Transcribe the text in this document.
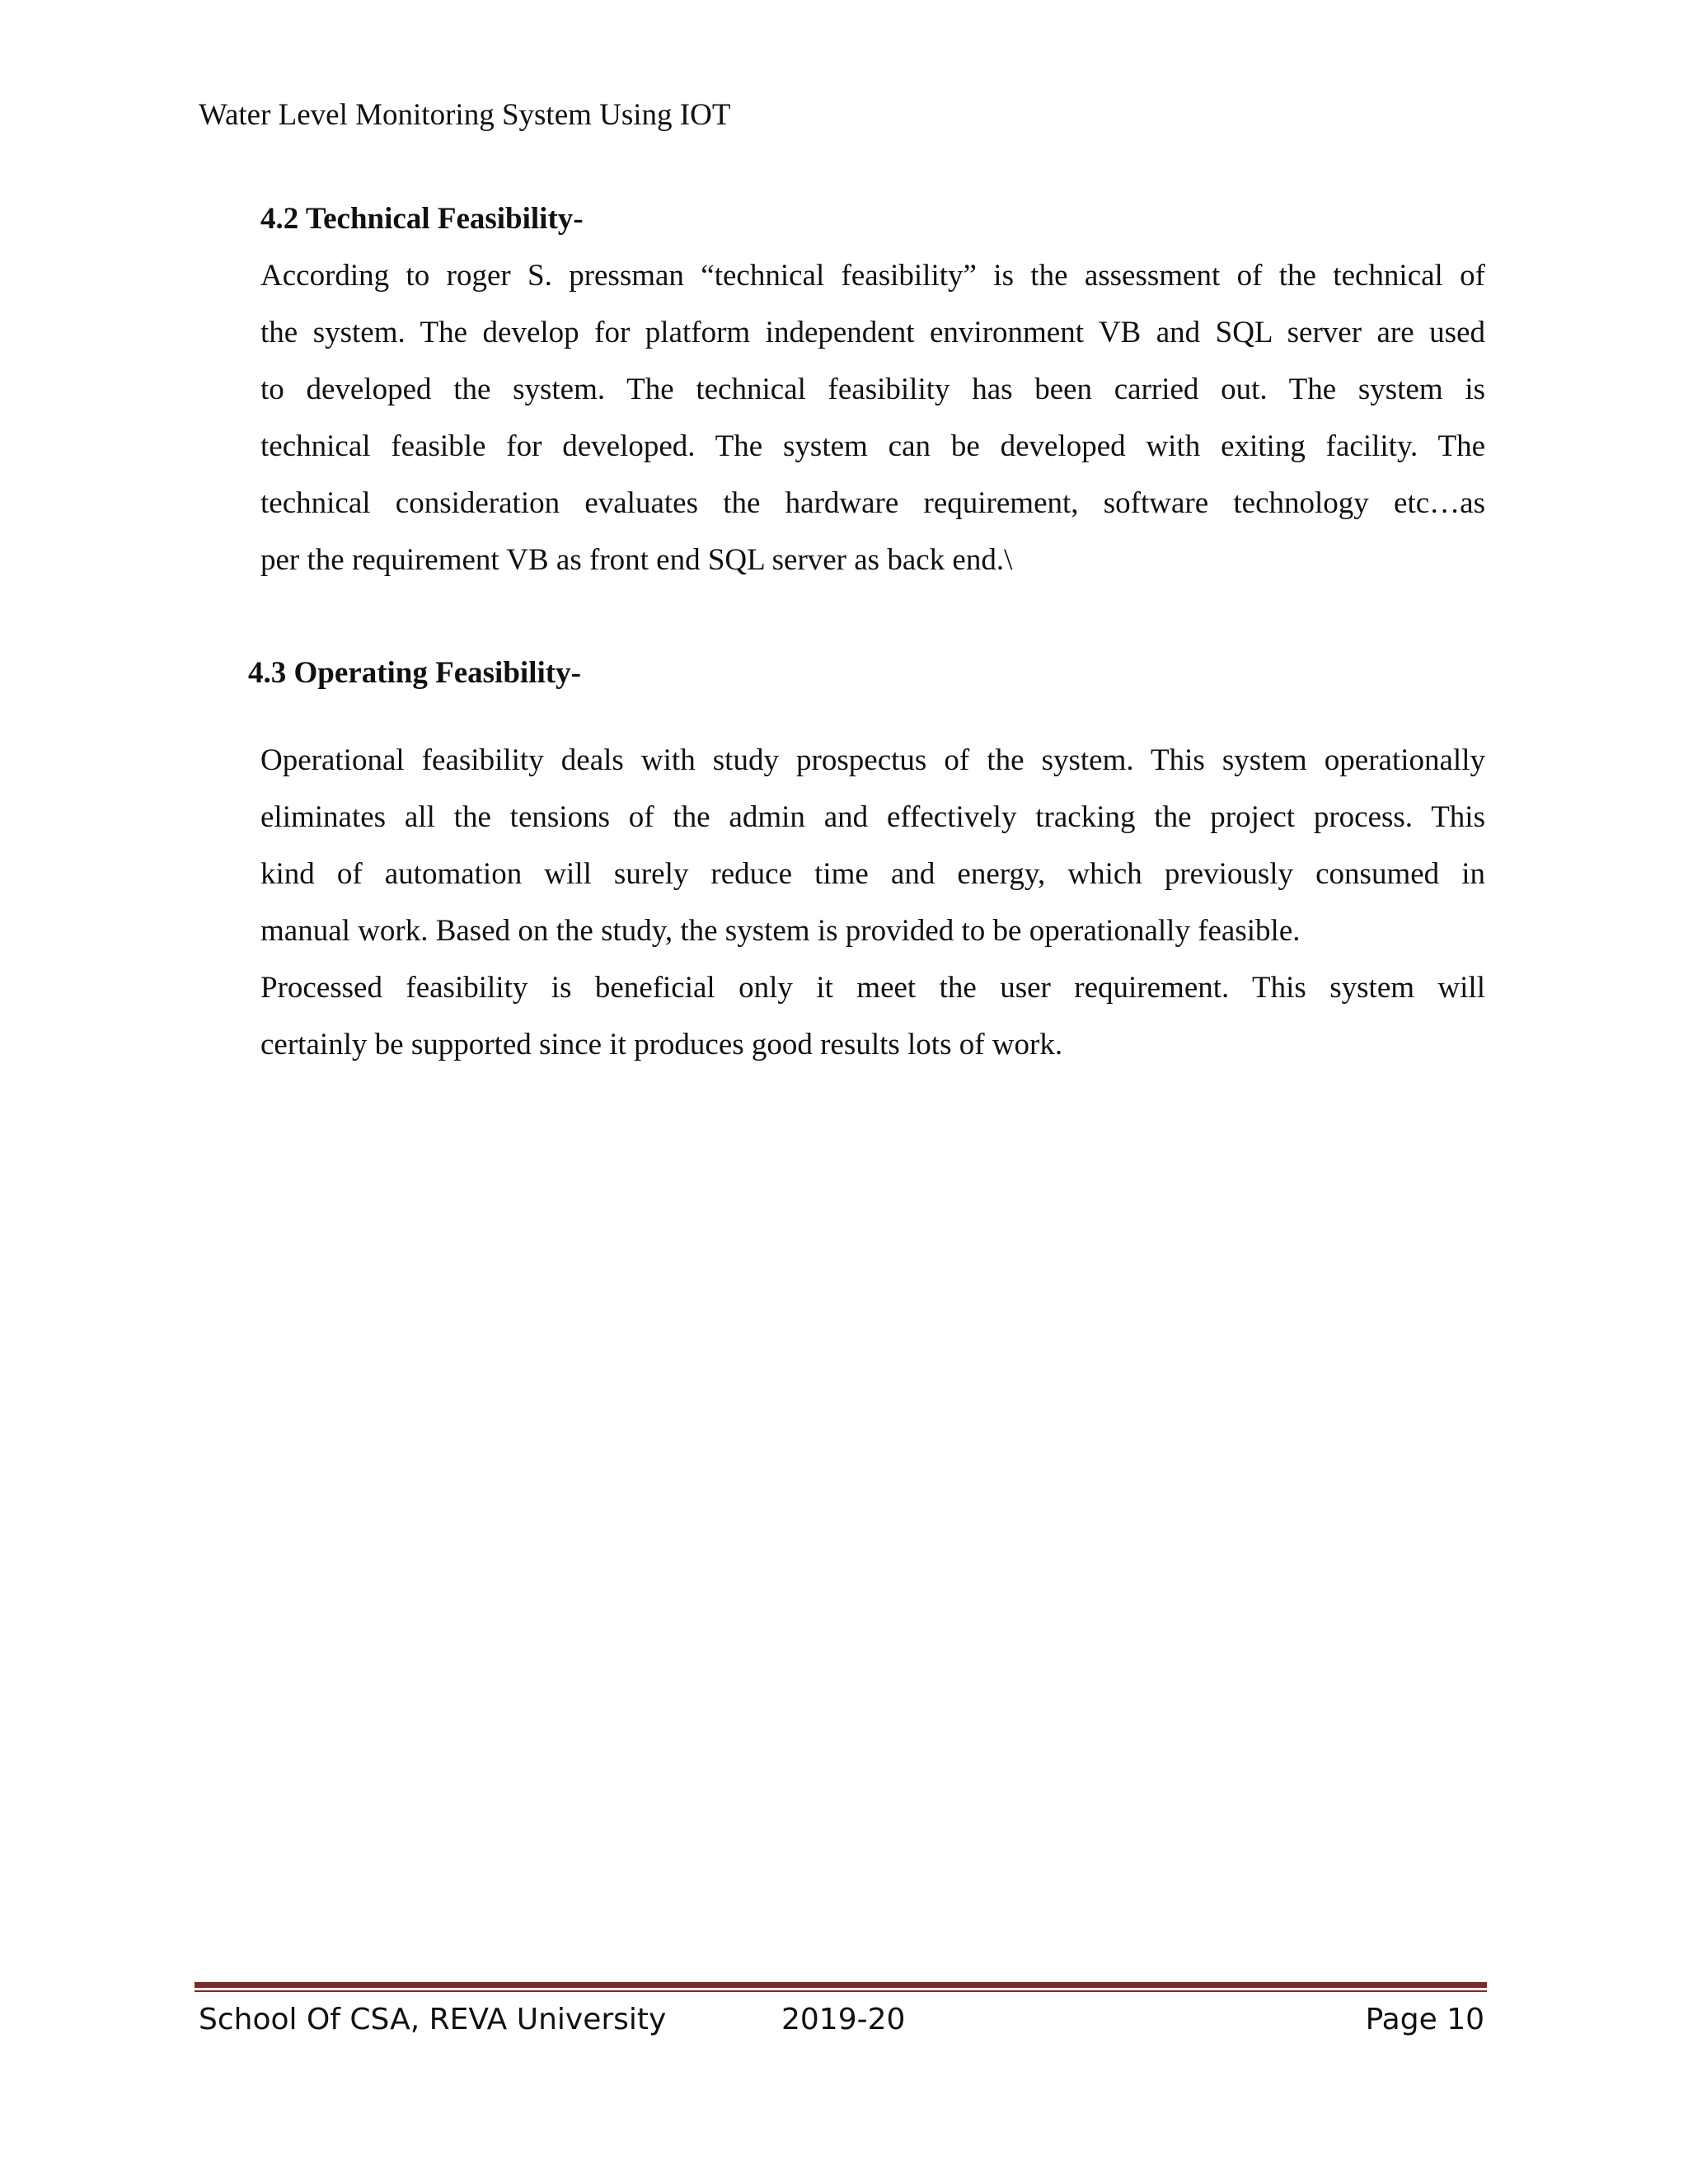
Water Level Monitoring System Using IOT
4.2 Technical Feasibility-

According to roger S. pressman “technical feasibility” is the assessment of the technical of
the system. The develop for platform independent environment VB and SQL server are used
to developed the system. The technical feasibility has been carried out. The system is
technical feasible for developed. The system can be developed with exiting facility. The
technical consideration evaluates the hardware requirement, software technology etc…as
per the requirement VB as front end SQL server as back end.\

4.3 Operating Feasibility-

Operational feasibility deals with study prospectus of the system. This system operationally
eliminates all the tensions of the admin and effectively tracking the project process. This
kind of automation will surely reduce time and energy, which previously consumed in
manual work. Based on the study, the system is provided to be operationally feasible.
Processed feasibility is beneficial only it meet the user requirement. This system will
certainly be supported since it produces good results lots of work.

School Of CSA, REVA University	2019-20	Page 10
